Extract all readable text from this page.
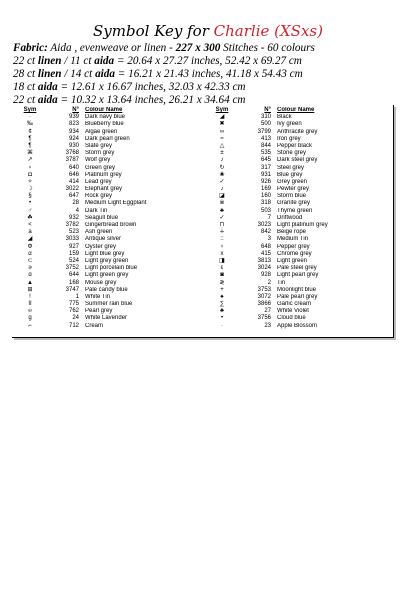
Symbol Key for Charlie (XSxs)
Fabric: Aida , evenweave or linen - 227 x 300 Stitches - 60 colours
22 ct linen / 11 ct aida = 20.64 x 27.27 inches, 52.42 x 69.27 cm
28 ct linen / 14 ct aida = 16.21 x 21.43 inches, 41.18 x 54.43 cm
18 ct aida = 12.61 x 16.67 inches, 32.03 x 42.33 cm
22 ct aida = 10.32 x 13.64 inches, 26.21 x 34.64 cm
Sym	N°	Colour Name
·	939	Dark navy blue
‰	823	Blueberry blue
¢	934	Algae green
¶	924	Dark pearl green
¶	930	Slate grey
⌘	3768	Storm grey
↗	3787	Wolf grey
♀	640	Green grey
◘	646	Platinum grey
✧	414	Lead grey
☽	3022	Elephant grey
§	647	Rock grey
•	28	Medium Light Eggplant
♂	4	Dark Tin
☘	932	Seagull blue
<	3782	Gingerbread brown
a	523	Ash green
◢	3033	Antique silver
Φ	927	Oyster grey
α	159	Light blue grey
⊂	524	Light grey green
∍	3752	Light porcelain blue
ɑ	644	Light green grey
▲	168	Mouse grey
⊞	3747	Pale candy blue
!	1	White Tin
II	775	Summer rain blue
℮	762	Pearl grey
g	24	White Lavender
⌐	712	Cream
Sym	N°	Colour Name
◢	310	Black
✖	500	Ivy green
∞	3799	Anthracite grey
≈	413	Iron grey
△	844	Pepper black
±	535	Stone grey
♪	645	Dark steel grey
↻	317	Steel grey
❀	931	Blue grey
✓	926	Grey green
♪	169	Pewter grey
◪	160	Storm blue
※	318	Granite grey
♣	503	Thyme green
✓	7	Driftwood
⊓	3023	Light platinum grey
∔	842	Beige rope
::	3	Medium Tin
♀	648	Pepper grey
x	415	Chrome grey
◨	3813	Light green
ε	3024	Pale steel grey
◙	928	Light pearl grey
≷	2	Tin
+	3753	Moonlight blue
♠	3072	Pale pearl grey
∑	3866	Garlic cream
♣	27	White Violet
•	3756	Cloud blue
·	23	Apple Blossom
